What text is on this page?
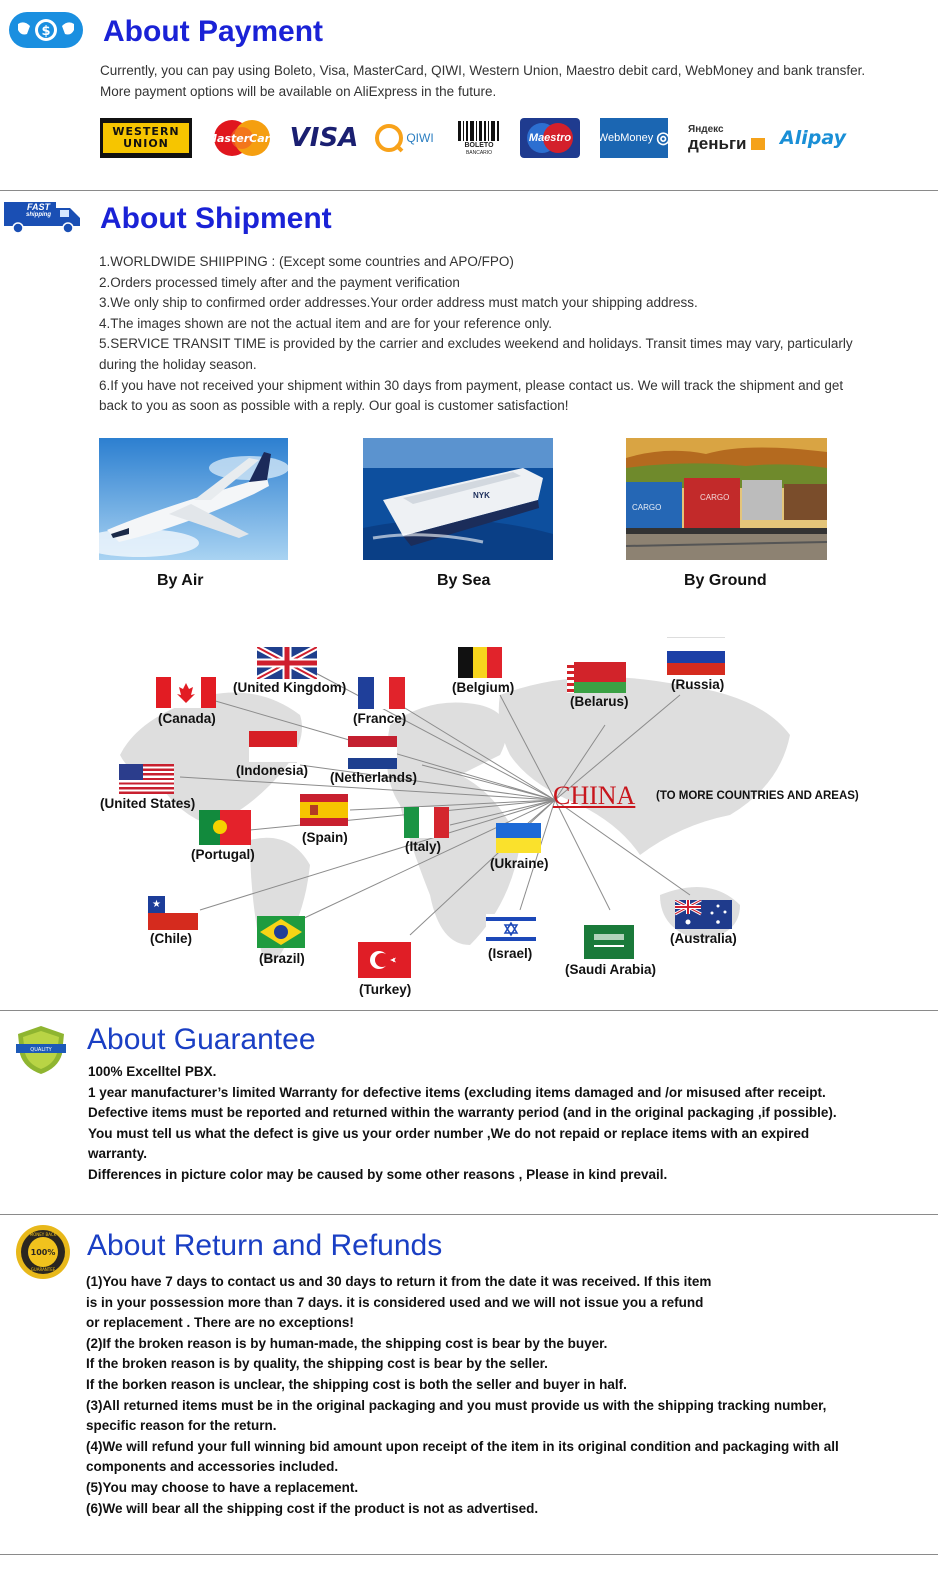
$ About Payment
Currently, you can pay using Boleto, Visa, MasterCard, QIWI, Western Union, Maestro debit card, WebMoney and bank transfer.
More payment options will be available on AliExpress in the future.
WESTERN
UNION	MasterCard VISA	QIWI
BOLETO
BANCARIO
Maestro WebMoney ◎
Яндекс
деньги Alipay
FAST
shipping About Shipment
1.WORLDWIDE SHIIPPING : (Except some countries and APO/FPO)
2.Orders processed timely after and the payment verification
3.We only ship to confirmed order addresses.Your order address must match your shipping address.
4.The images shown are not the actual item and are for your reference only.
5.SERVICE TRANSIT TIME is provided by the carrier and excludes weekend and holidays. Transit times may vary, particularly
during the holiday season.
6.If you have not received your shipment within 30 days from payment, please contact us. We will track the shipment and get
back to you as soon as possible with a reply. Our goal is customer satisfaction!
NYK
CARGO
CARGO
By Air	By Sea	By Ground
CHINA (TO MORE COUNTRIES AND AREAS)
(United Kingdom)
(Canada)	(France)
(Belgium)
(Belarus)
(Russia)
(Indonesia) (Netherlands)
(United States)
(Spain)
(Portugal)
(Italy)
(Ukraine)
★
(Chile)
(Brazil)
(Turkey)
(Israel)
(Saudi Arabia)
(Australia)
QUALITY About Guarantee
100% Excelltel PBX.
1 year manufacturer’s limited Warranty for defective items (excluding items damaged and /or misused after receipt.
Defective items must be reported and returned within the warranty period (and in the original packaging ,if possible).
You must tell us what the defect is give us your order number ,We do not repaid or replace items with an expired
warranty.
Differences in picture color may be caused by some other reasons , Please in kind prevail.
100%
MONEY BACK
GUARANTEE
About Return and Refunds
(1)You have 7 days to contact us and 30 days to return it from the date it was received. If this item
is in your possession more than 7 days. it is considered used and we will not issue you a refund
or replacement . There are no exceptions!
(2)If the broken reason is by human-made, the shipping cost is bear by the buyer.
If the broken reason is by quality, the shipping cost is bear by the seller.
If the borken reason is unclear, the shipping cost is both the seller and buyer in half.
(3)All returned items must be in the original packaging and you must provide us with the shipping tracking number,
specific reason for the return.
(4)We will refund your full winning bid amount upon receipt of the item in its original condition and packaging with all
components and accessories included.
(5)You may choose to have a replacement.
(6)We will bear all the shipping cost if the product is not as advertised.
